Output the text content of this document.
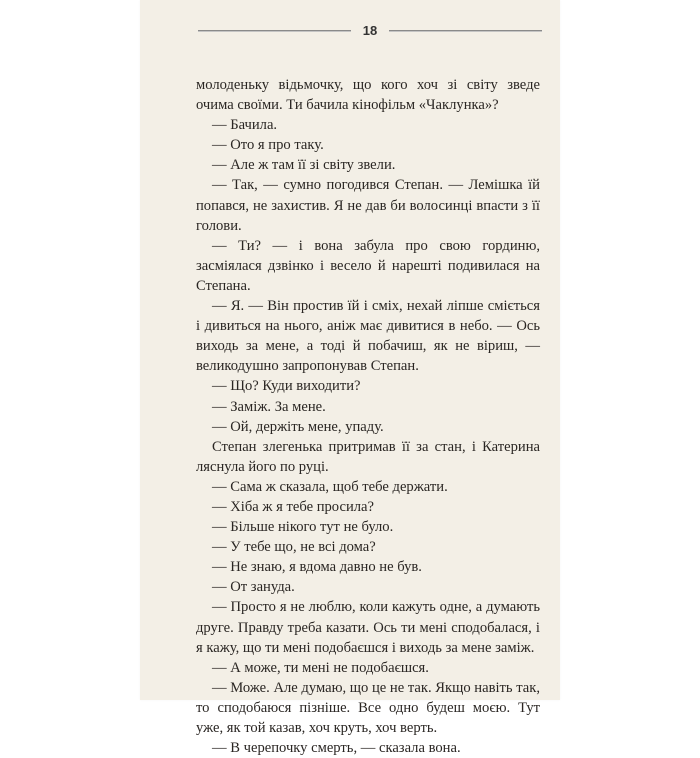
18

молоденьку відьмочку, що кого хоч зі світу зведе очима своїми. Ти бачила кінофільм «Чаклунка»?

— Бачила.

— Ото я про таку.

— Але ж там її зі світу звели.

— Так, — сумно погодився Степан. — Лемішка їй попався, не захистив. Я не дав би волосинці впасти з її голови.

— Ти? — і вона забула про свою гординю, засміялася дзвінко і весело й нарешті подивилася на Степана.

— Я. — Він простив їй і сміх, нехай ліпше сміється і дивиться на нього, аніж має дивитися в небо. — Ось виходь за мене, а тоді й побачиш, як не віриш, — великодушно запропонував Степан.

— Що? Куди виходити?

— Заміж. За мене.

— Ой, держіть мене, упаду.

Степан злегенька притримав її за стан, і Катерина ляснула його по руці.

— Сама ж сказала, щоб тебе держати.

— Хіба ж я тебе просила?

— Більше нікого тут не було.

— У тебе що, не всі дома?

— Не знаю, я вдома давно не був.

— От зануда.

— Просто я не люблю, коли кажуть одне, а думають друге. Правду треба казати. Ось ти мені сподобалася, і я кажу, що ти мені подобаєшся і виходь за мене заміж.

— А може, ти мені не подобаєшся.

— Може. Але думаю, що це не так. Якщо навіть так, то сподобаюся пізніше. Все одно будеш моєю. Тут уже, як той казав, хоч круть, хоч верть.

— В черепочку смерть, — сказала вона.
